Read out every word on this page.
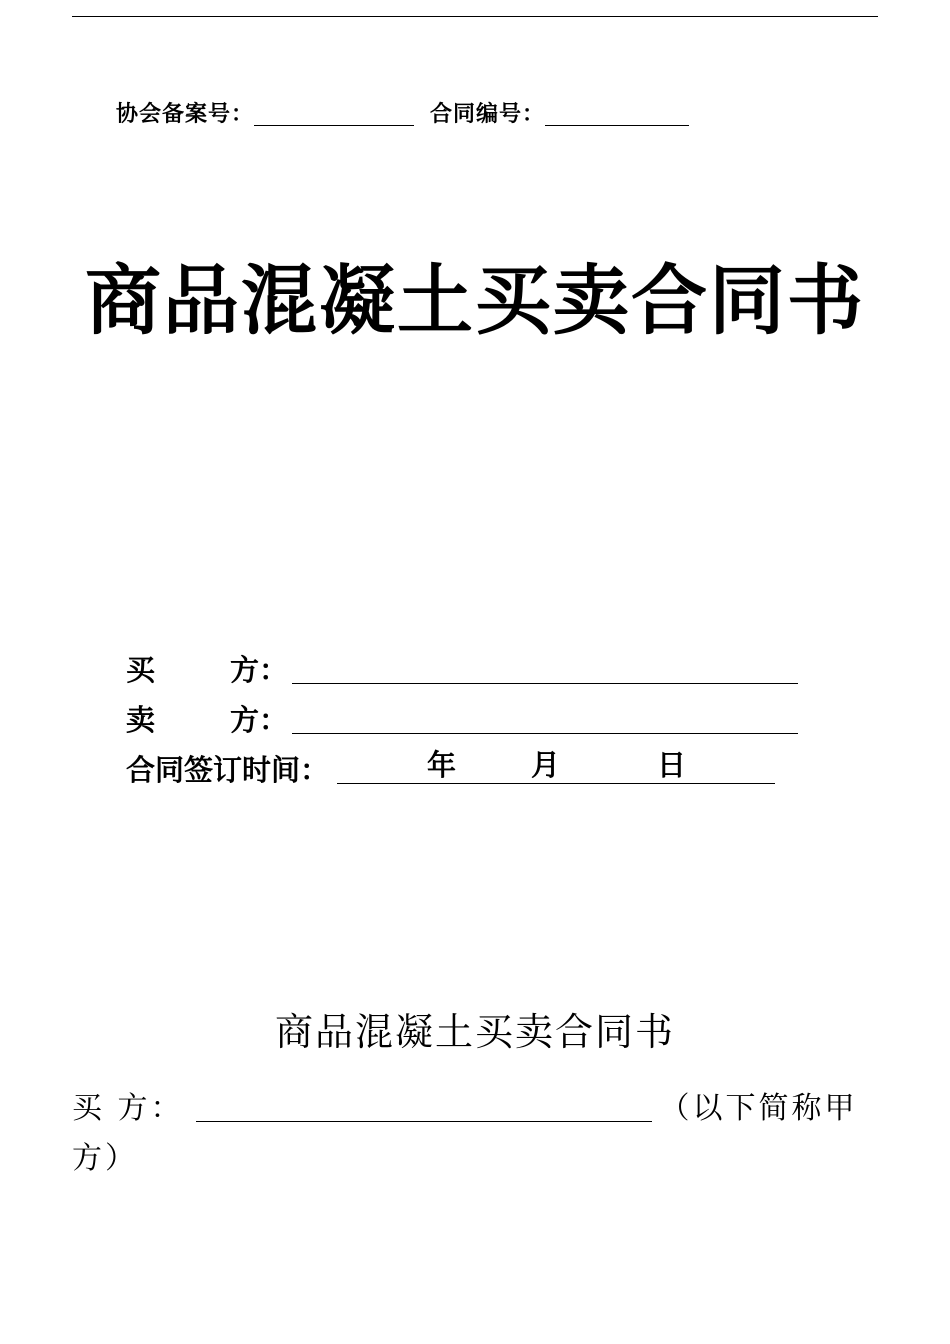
协会备案号：	合同编号：
商品混凝土买卖合同书
买	方：
卖	方：
合同签订时间：	年	月	日
商品混凝土买卖合同书
买 方：	（以下简称甲方）
